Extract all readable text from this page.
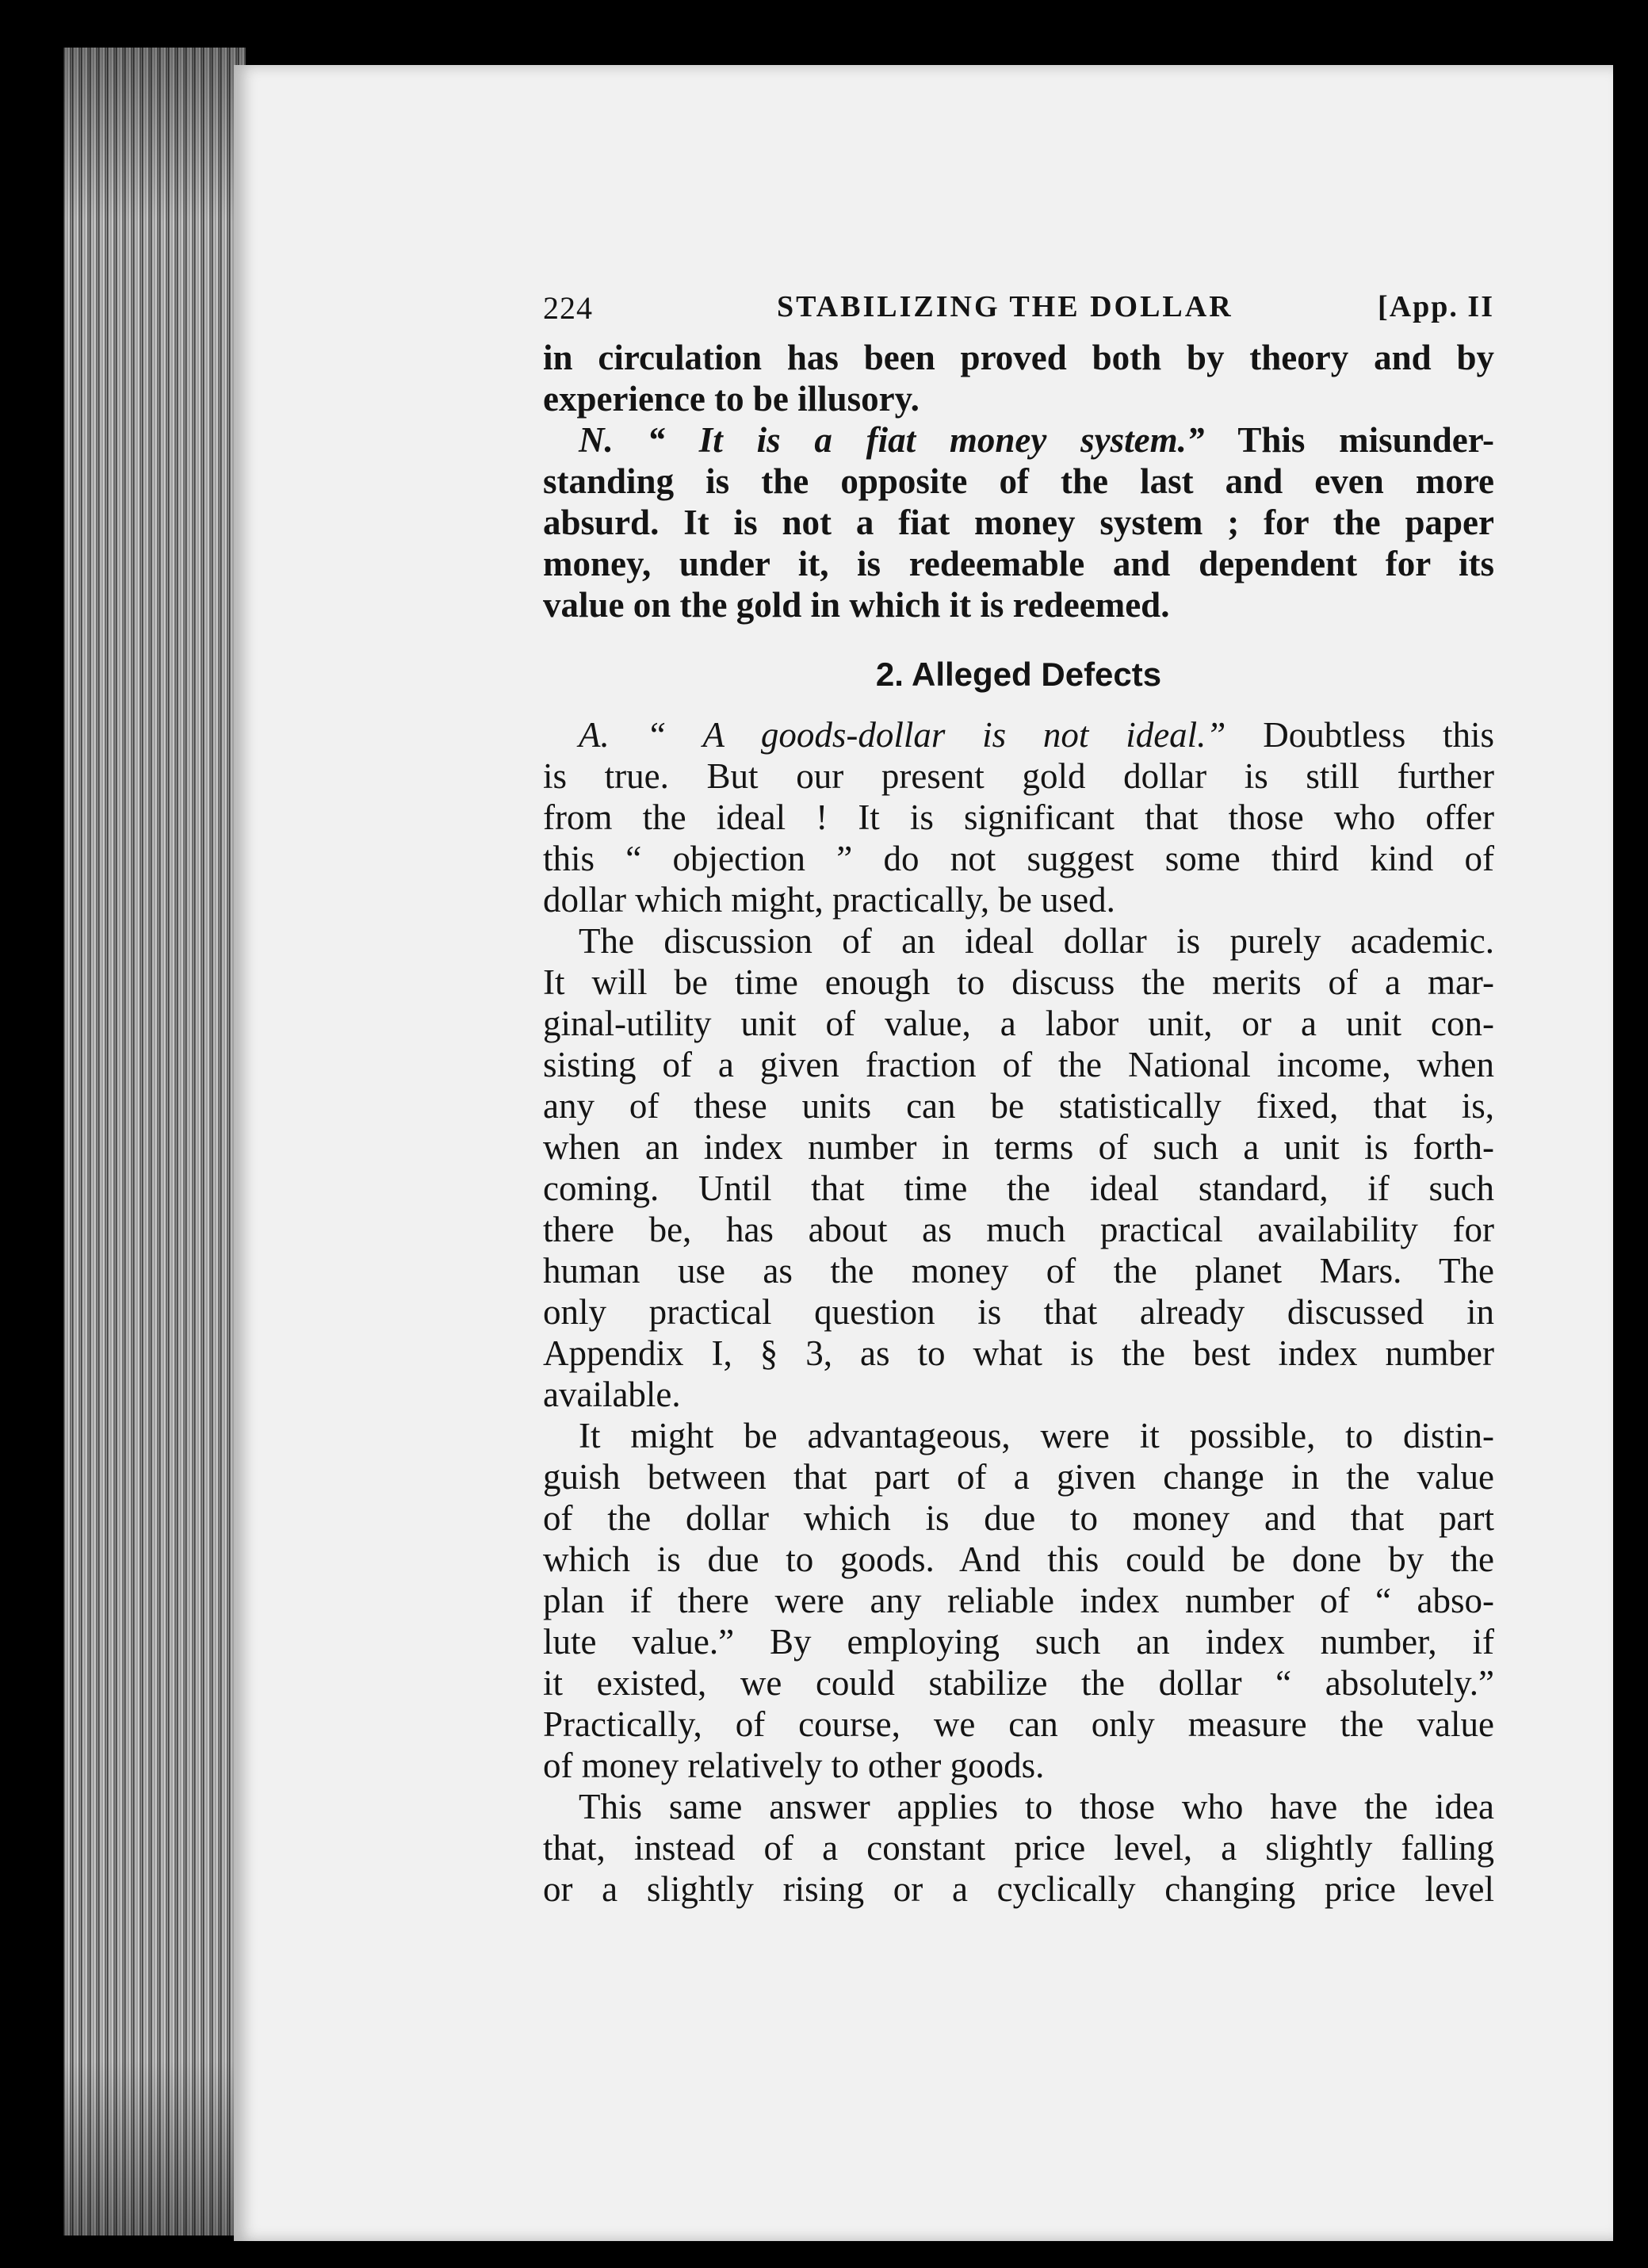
224	STABILIZING THE DOLLAR	[App. II
in circulation has been proved both by theory and by
experience to be illusory.
N. “ It is a fiat money system.” This misunder-
standing is the opposite of the last and even more
absurd. It is not a fiat money system ; for the paper
money, under it, is redeemable and dependent for its
value on the gold in which it is redeemed.
2. Alleged Defects
A. “ A goods-dollar is not ideal.” Doubtless this
is true. But our present gold dollar is still further
from the ideal ! It is significant that those who offer
this “ objection ” do not suggest some third kind of
dollar which might, practically, be used.
The discussion of an ideal dollar is purely academic.
It will be time enough to discuss the merits of a mar-
ginal-utility unit of value, a labor unit, or a unit con-
sisting of a given fraction of the National income, when
any of these units can be statistically fixed, that is,
when an index number in terms of such a unit is forth-
coming. Until that time the ideal standard, if such
there be, has about as much practical availability for
human use as the money of the planet Mars. The
only practical question is that already discussed in
Appendix I, § 3, as to what is the best index number
available.
It might be advantageous, were it possible, to distin-
guish between that part of a given change in the value
of the dollar which is due to money and that part
which is due to goods. And this could be done by the
plan if there were any reliable index number of “ abso-
lute value.” By employing such an index number, if
it existed, we could stabilize the dollar “ absolutely.”
Practically, of course, we can only measure the value
of money relatively to other goods.
This same answer applies to those who have the idea
that, instead of a constant price level, a slightly falling
or a slightly rising or a cyclically changing price level
